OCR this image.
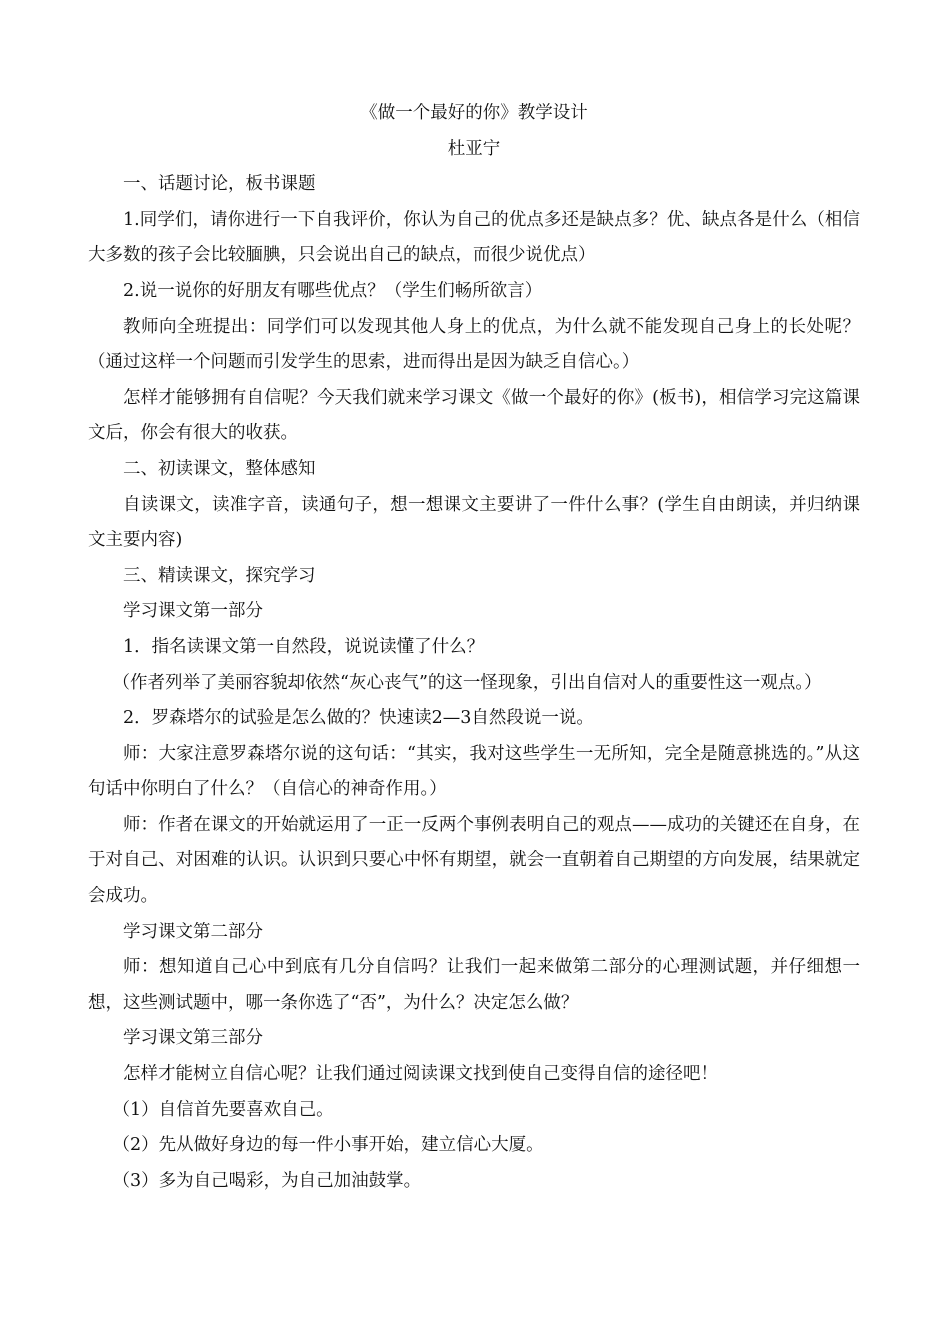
《做一个最好的你》教学设计

杜亚宁

一、话题讨论，板书课题

1.同学们，请你进行一下自我评价，你认为自己的优点多还是缺点多？优、缺点各是什么（相信大多数的孩子会比较腼腆，只会说出自己的缺点，而很少说优点）

2.说一说你的好朋友有哪些优点？（学生们畅所欲言）

教师向全班提出：同学们可以发现其他人身上的优点，为什么就不能发现自己身上的长处呢？（通过这样一个问题而引发学生的思索，进而得出是因为缺乏自信心。）

怎样才能够拥有自信呢？今天我们就来学习课文《做一个最好的你》(板书)，相信学习完这篇课文后，你会有很大的收获。

二、初读课文，整体感知

自读课文，读准字音，读通句子，想一想课文主要讲了一件什么事？(学生自由朗读，并归纳课文主要内容)

三、精读课文，探究学习

学习课文第一部分

1．指名读课文第一自然段，说说读懂了什么？

（作者列举了美丽容貌却依然“灰心丧气”的这一怪现象，引出自信对人的重要性这一观点。）

2．罗森塔尔的试验是怎么做的？快速读2—3自然段说一说。

师：大家注意罗森塔尔说的这句话：“其实，我对这些学生一无所知，完全是随意挑选的。”从这句话中你明白了什么？（自信心的神奇作用。）

师：作者在课文的开始就运用了一正一反两个事例表明自己的观点——成功的关键还在自身，在于对自己、对困难的认识。认识到只要心中怀有期望，就会一直朝着自己期望的方向发展，结果就定会成功。

学习课文第二部分

师：想知道自己心中到底有几分自信吗？让我们一起来做第二部分的心理测试题，并仔细想一想，这些测试题中，哪一条你选了“否”，为什么？决定怎么做？

学习课文第三部分

怎样才能树立自信心呢？让我们通过阅读课文找到使自己变得自信的途径吧！

（1）自信首先要喜欢自己。

（2）先从做好身边的每一件小事开始，建立信心大厦。

（3）多为自己喝彩，为自己加油鼓掌。
